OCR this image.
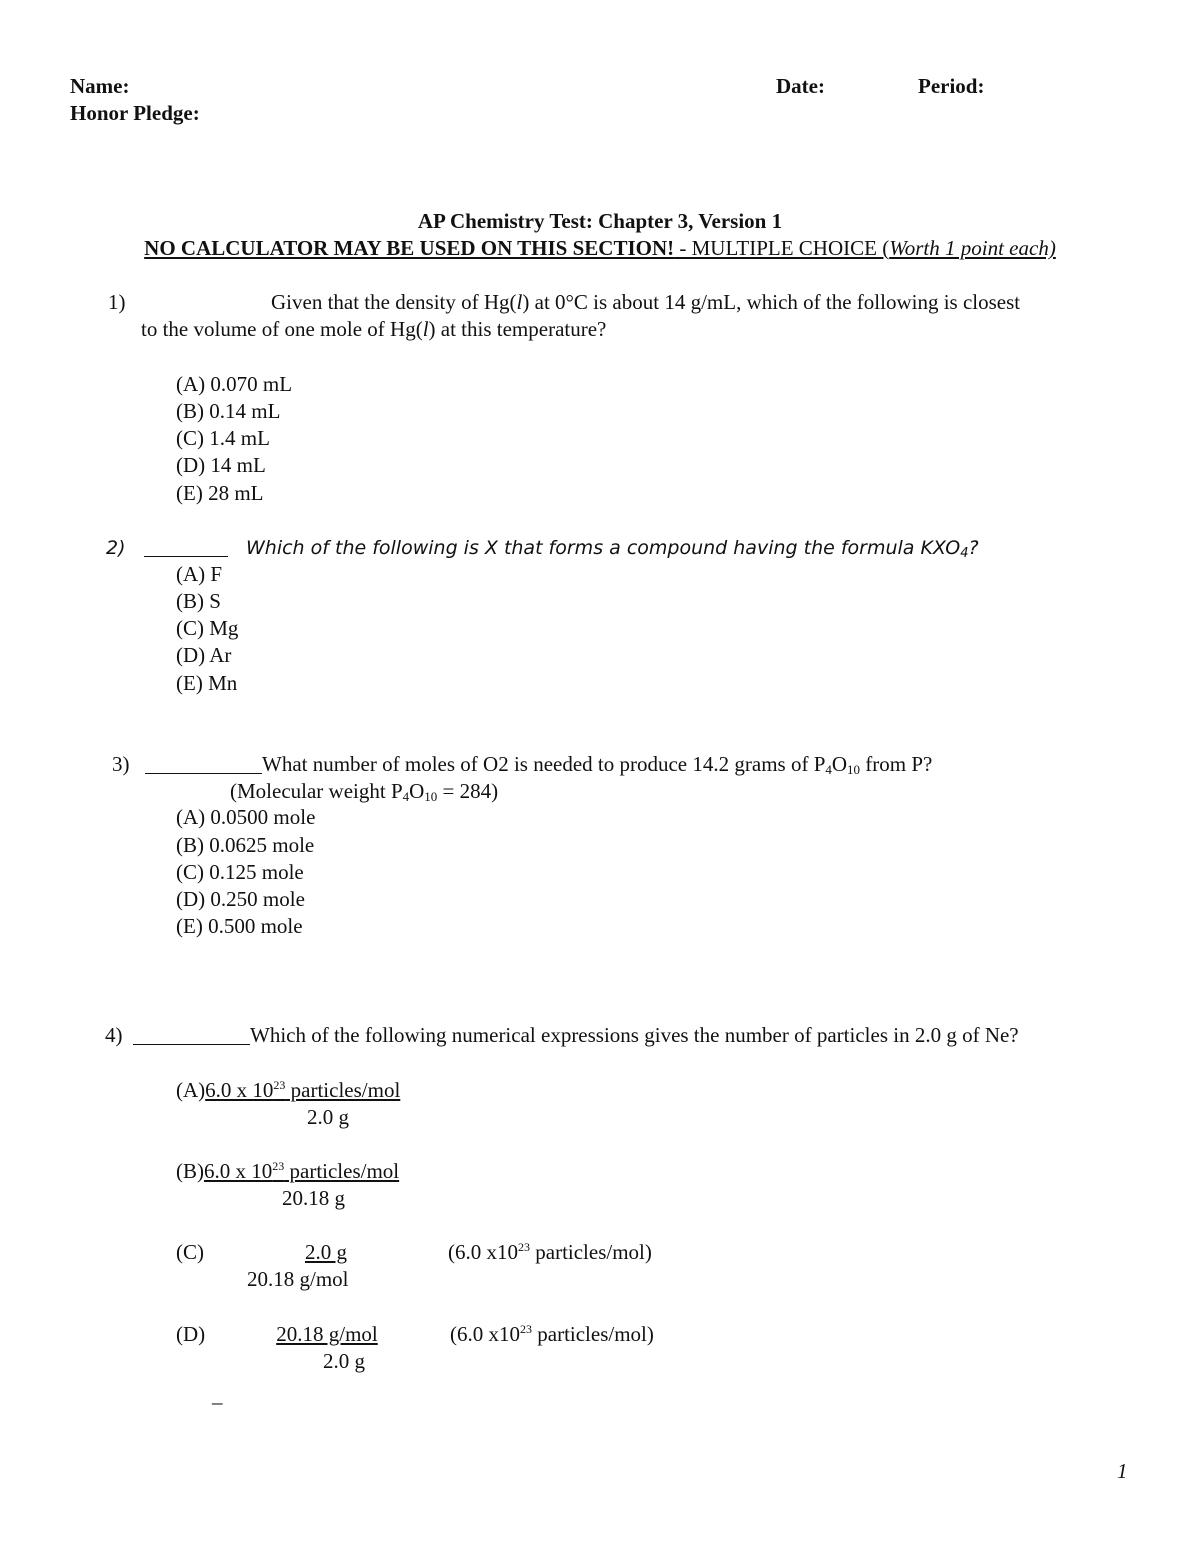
Name:	Date:	Period:
Honor Pledge:
AP Chemistry Test: Chapter 3, Version 1
NO CALCULATOR MAY BE USED ON THIS SECTION! - MULTIPLE CHOICE (Worth 1 point each)
1)	Given that the density of Hg(l) at 0°C is about 14 g/mL, which of the following is closest
to the volume of one mole of Hg(l) at this temperature?
(A) 0.070 mL
(B) 0.14 mL
(C) 1.4 mL
(D) 14 mL
(E) 28 mL
2)	Which of the following is X that forms a compound having the formula $KXO_4$?
(A) F
(B) S
(C) Mg
(D) Ar
(E) Mn
3)	What number of moles of O2 is needed to produce 14.2 grams of $P_4O_{10}$ from P?
(Molecular weight $P_4O_{10} = 284$)
(A) 0.0500 mole
(B) 0.0625 mole
(C) 0.125 mole
(D) 0.250 mole
(E) 0.500 mole
4)	Which of the following numerical expressions gives the number of particles in 2.0 g of Ne?
(A)6.0 x $10^{23}$ particles/mol
2.0 g
(B)6.0 x $10^{23}$ particles/mol
20.18 g
(C)	2.0 g	(6.0 $x10^{23}$ particles/mol)
20.18 g/mol
(D)	20.18 g/mol	(6.0 $x10^{23}$ particles/mol)
2.0 g
_
1
